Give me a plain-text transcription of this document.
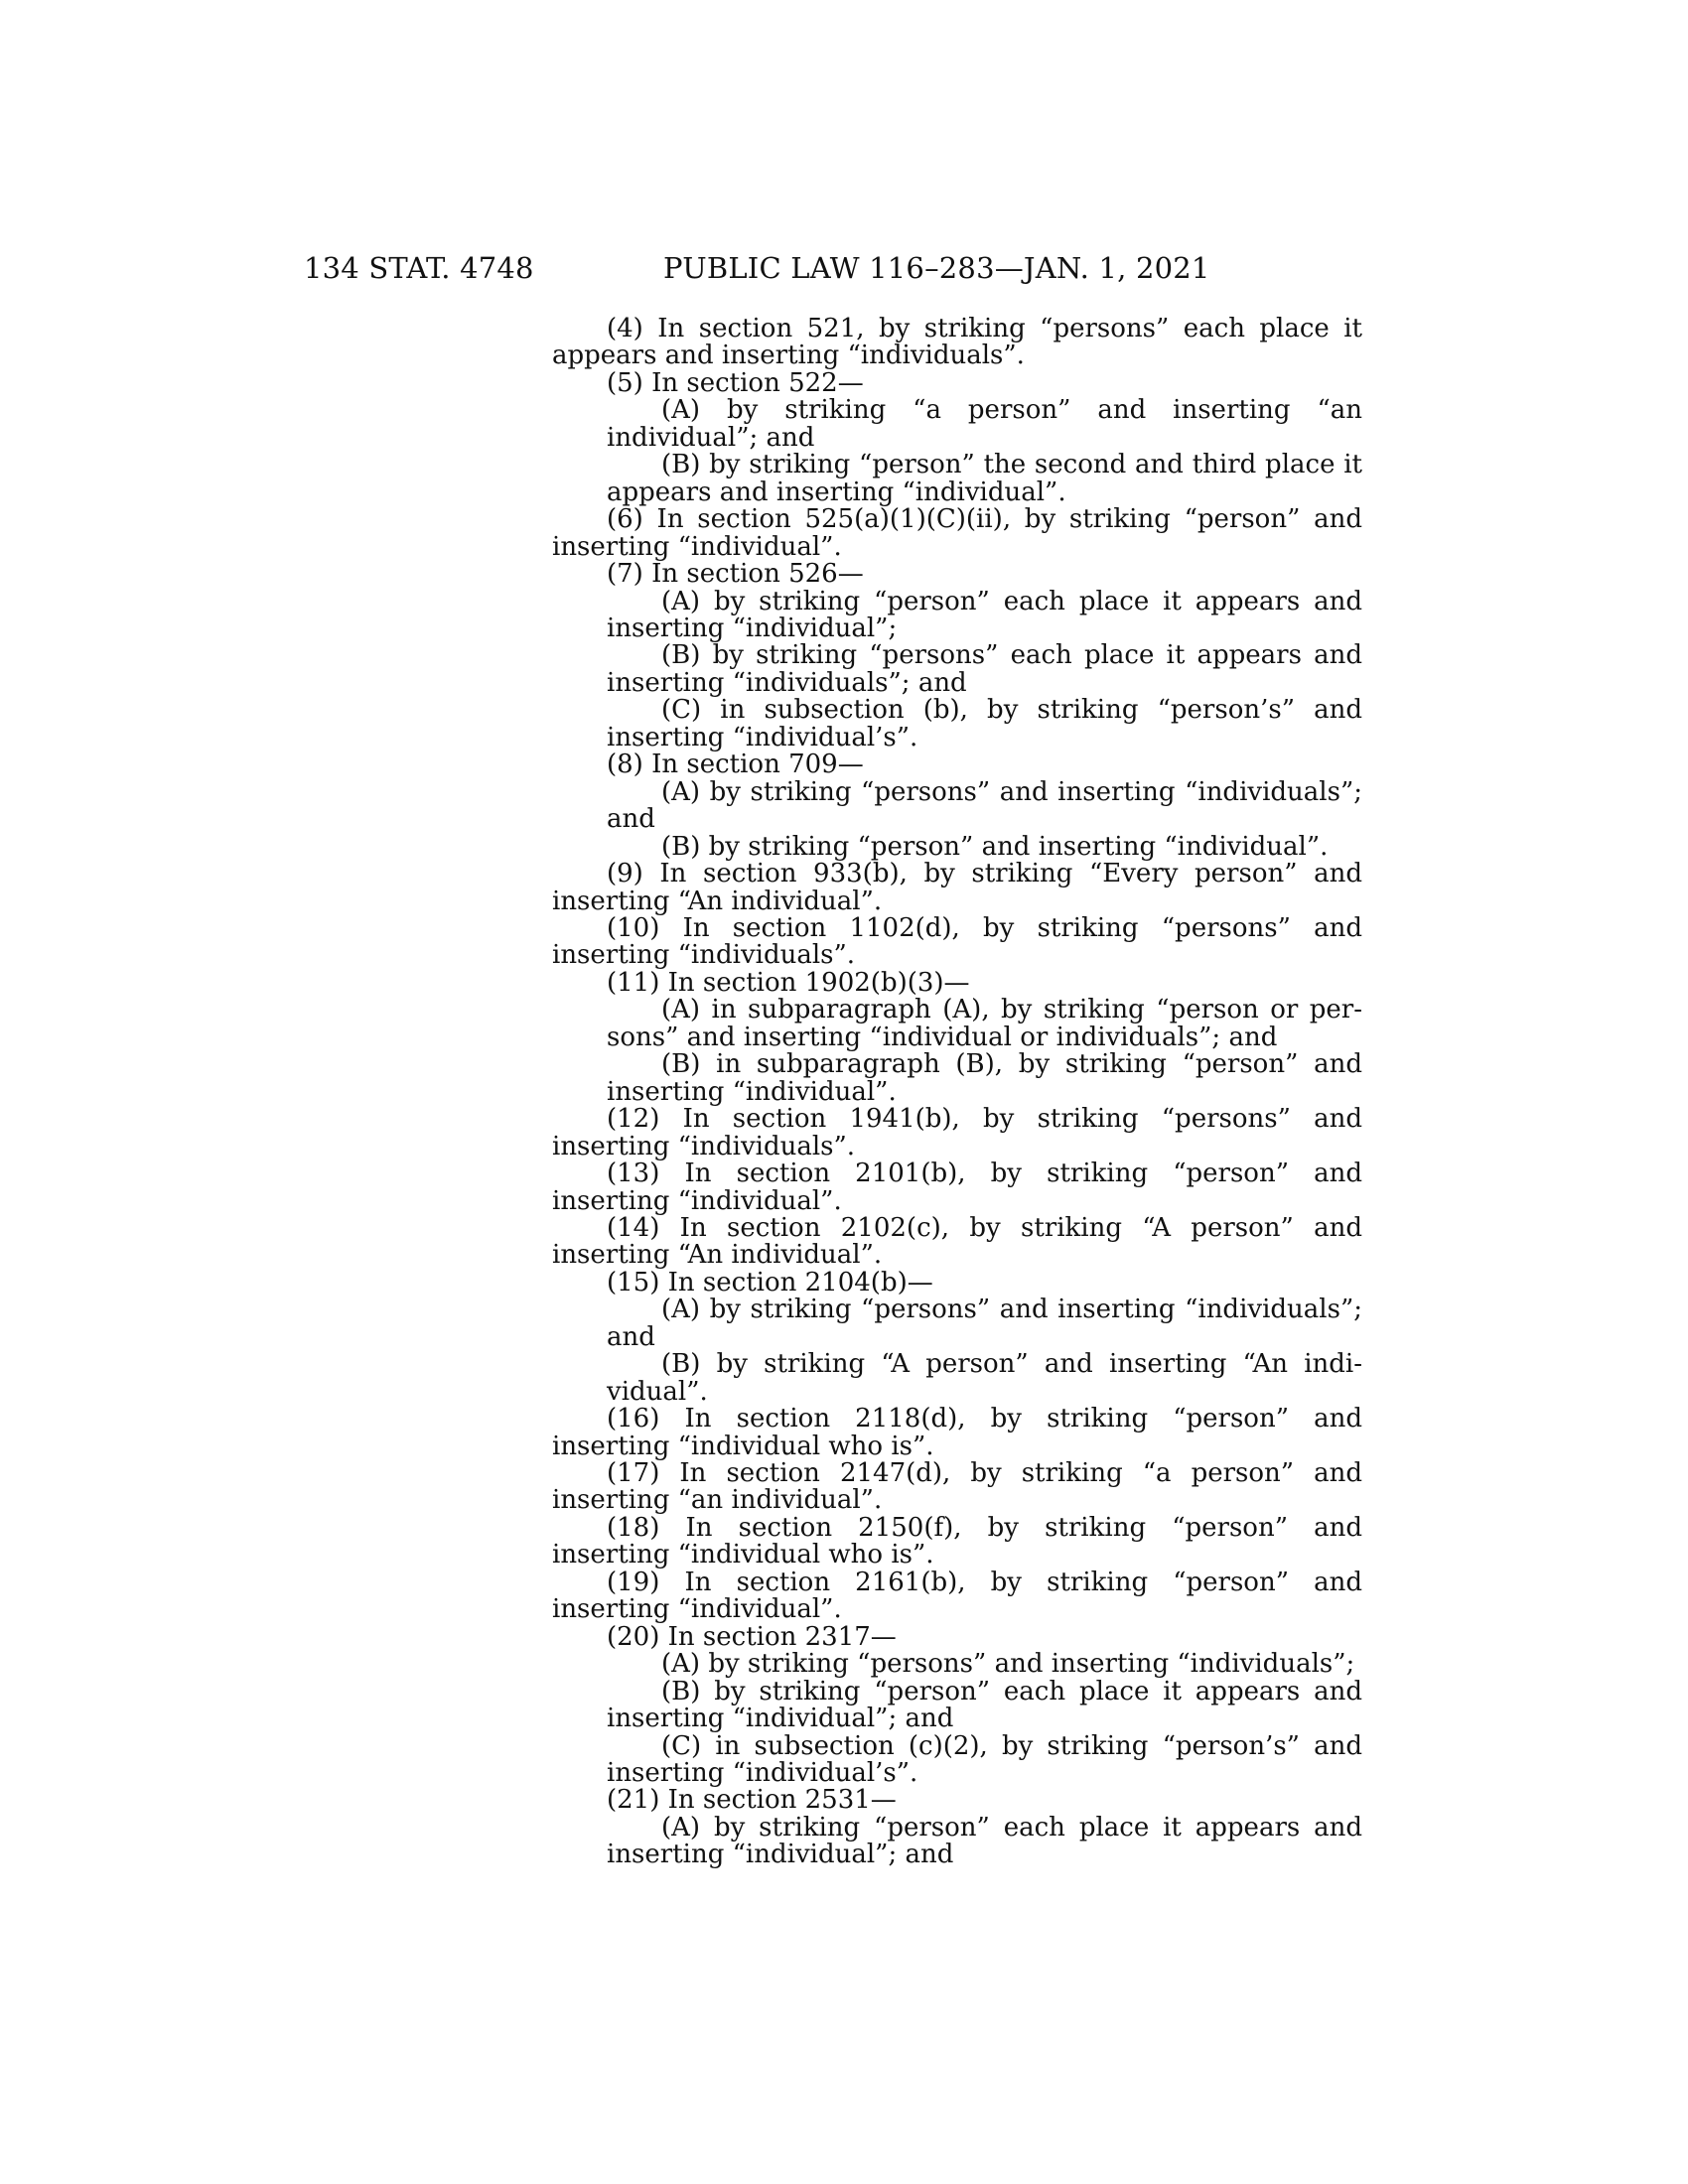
134 STAT. 4748	PUBLIC LAW 116–283—JAN. 1, 2021

(4) In section 521, by striking “persons” each place it appears and inserting “individuals”.

(5) In section 522—

(A) by striking “a person” and inserting “an individual”; and

(B) by striking “person” the second and third place it appears and inserting “individual”.

(6) In section 525(a)(1)(C)(ii), by striking “person” and inserting “individual”.

(7) In section 526—

(A) by striking “person” each place it appears and inserting “individual”;

(B) by striking “persons” each place it appears and inserting “individuals”; and

(C) in subsection (b), by striking “person’s” and inserting “individual’s”.

(8) In section 709—

(A) by striking “persons” and inserting “individuals”; and

(B) by striking “person” and inserting “individual”.

(9) In section 933(b), by striking “Every person” and inserting “An individual”.

(10) In section 1102(d), by striking “persons” and inserting “individuals”.

(11) In section 1902(b)(3)—

(A) in subparagraph (A), by striking “person or per- sons” and inserting “individual or individuals”; and

(B) in subparagraph (B), by striking “person” and inserting “individual”.

(12) In section 1941(b), by striking “persons” and inserting “individuals”.

(13) In section 2101(b), by striking “person” and inserting “individual”.

(14) In section 2102(c), by striking “A person” and inserting “An individual”.

(15) In section 2104(b)—

(A) by striking “persons” and inserting “individuals”; and

(B) by striking “A person” and inserting “An indi- vidual”.

(16) In section 2118(d), by striking “person” and inserting “individual who is”.

(17) In section 2147(d), by striking “a person” and inserting “an individual”.

(18) In section 2150(f), by striking “person” and inserting “individual who is”.

(19) In section 2161(b), by striking “person” and inserting “individual”.

(20) In section 2317—

(A) by striking “persons” and inserting “individuals”;

(B) by striking “person” each place it appears and inserting “individual”; and

(C) in subsection (c)(2), by striking “person’s” and inserting “individual’s”.

(21) In section 2531—

(A) by striking “person” each place it appears and inserting “individual”; and
